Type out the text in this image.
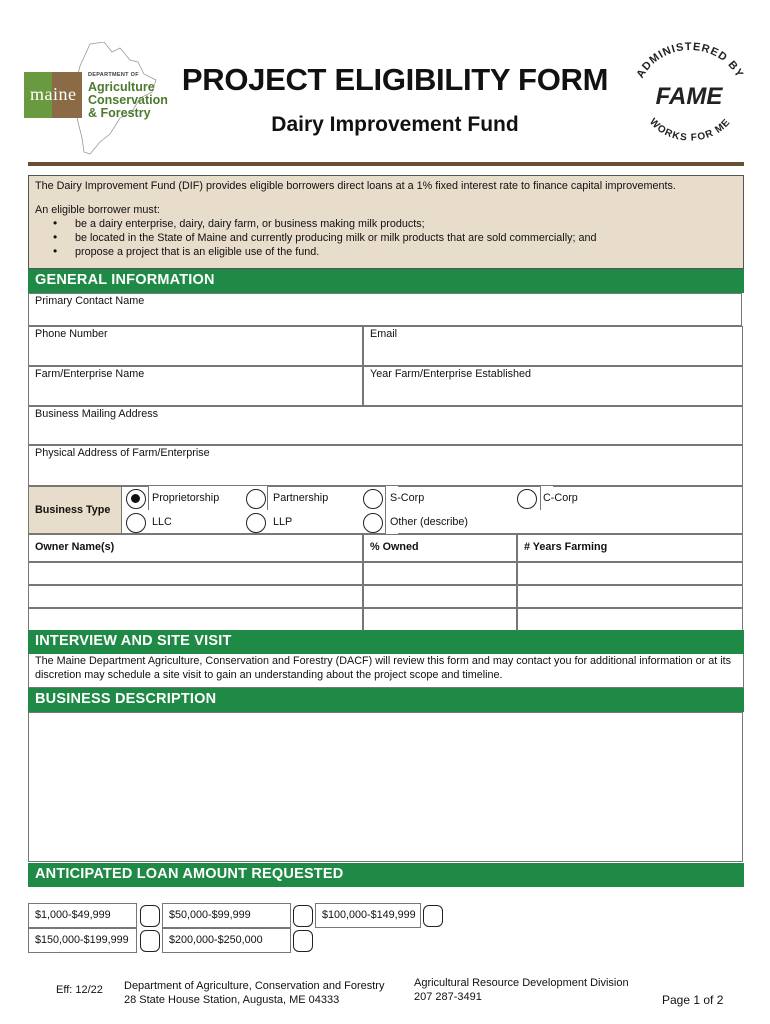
maine
DEPARTMENT OF
Agriculture
Conservation
& Forestry
PROJECT ELIGIBILITY FORM
Dairy Improvement Fund
ADMINISTERED BY
FAME
WORKS FOR ME
The Dairy Improvement Fund (DIF) provides eligible borrowers direct loans at a 1% fixed interest rate to finance capital improvements.
An eligible borrower must:
• be a dairy enterprise, dairy, dairy farm, or business making milk products;
• be located in the State of Maine and currently producing milk or milk products that are sold commercially; and
• propose a project that is an eligible use of the fund.
GENERAL INFORMATION
Primary Contact Name
Phone Number	Email
Farm/Enterprise Name	Year Farm/Enterprise Established
Business Mailing Address
Physical Address of Farm/Enterprise
Business Type
Proprietorship	Partnership	S-Corp	C-Corp
LLC	LLP	Other (describe)
Owner Name(s)	% Owned	# Years Farming
INTERVIEW AND SITE VISIT
The Maine Department Agriculture, Conservation and Forestry (DACF) will review this form and may contact you for additional information or at its discretion may schedule a site visit to gain an understanding about the project scope and timeline.
BUSINESS DESCRIPTION
ANTICIPATED LOAN AMOUNT REQUESTED
$1,000-$49,999	$50,000-$99,999	$100,000-$149,999
$150,000-$199,999	$200,000-$250,000
Eff: 12/22 Department of Agriculture, Conservation and Forestry
28 State House Station, Augusta, ME 04333
Agricultural Resource Development Division
207 287-3491	Page 1 of 2
